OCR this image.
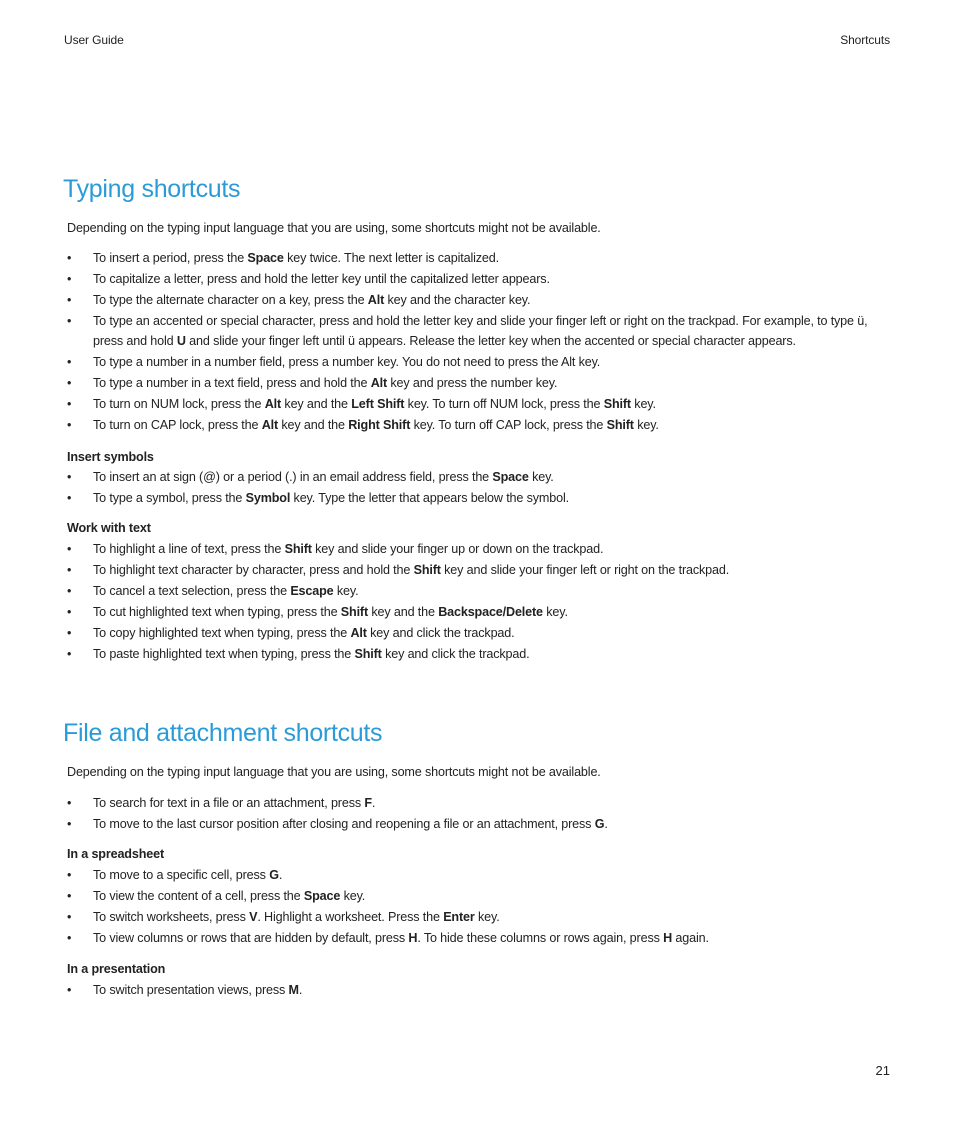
User Guide	Shortcuts
Typing shortcuts

Depending on the typing input language that you are using, some shortcuts might not be available.

• To insert a period, press the Space key twice. The next letter is capitalized.
• To capitalize a letter, press and hold the letter key until the capitalized letter appears.
• To type the alternate character on a key, press the Alt key and the character key.
• To type an accented or special character, press and hold the letter key and slide your finger left or right on the trackpad. For example, to type ü, press and hold U and slide your finger left until ü appears. Release the letter key when the accented or special character appears.
• To type a number in a number field, press a number key. You do not need to press the Alt key.
• To type a number in a text field, press and hold the Alt key and press the number key.
• To turn on NUM lock, press the Alt key and the Left Shift key. To turn off NUM lock, press the Shift key.
• To turn on CAP lock, press the Alt key and the Right Shift key. To turn off CAP lock, press the Shift key.

Insert symbols

• To insert an at sign (@) or a period (.) in an email address field, press the Space key.
• To type a symbol, press the Symbol key. Type the letter that appears below the symbol.

Work with text

• To highlight a line of text, press the Shift key and slide your finger up or down on the trackpad.
• To highlight text character by character, press and hold the Shift key and slide your finger left or right on the trackpad.
• To cancel a text selection, press the Escape key.
• To cut highlighted text when typing, press the Shift key and the Backspace/Delete key.
• To copy highlighted text when typing, press the Alt key and click the trackpad.
• To paste highlighted text when typing, press the Shift key and click the trackpad.
File and attachment shortcuts

Depending on the typing input language that you are using, some shortcuts might not be available.

• To search for text in a file or an attachment, press F.
• To move to the last cursor position after closing and reopening a file or an attachment, press G.

In a spreadsheet

• To move to a specific cell, press G.
• To view the content of a cell, press the Space key.
• To switch worksheets, press V. Highlight a worksheet. Press the Enter key.
• To view columns or rows that are hidden by default, press H. To hide these columns or rows again, press H again.

In a presentation

• To switch presentation views, press M.
21
